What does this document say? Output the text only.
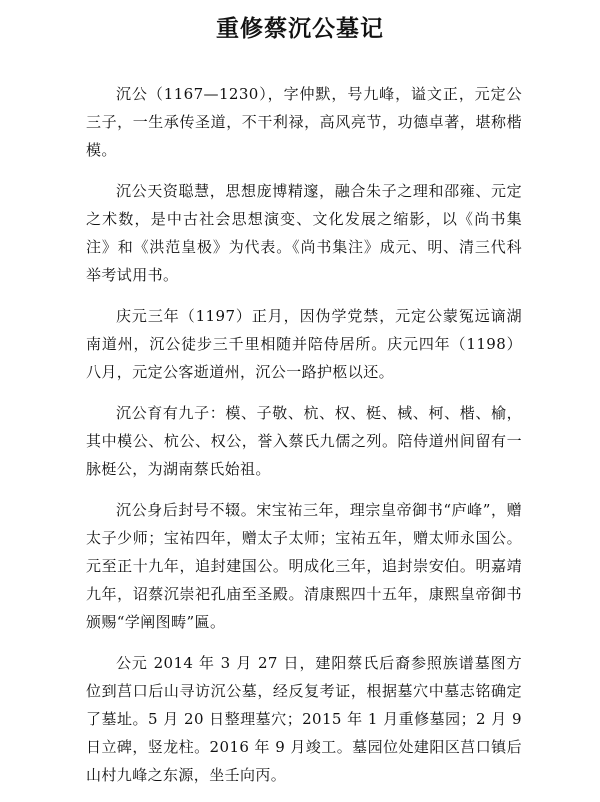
重修蔡沉公墓记

沉公（1167—1230），字仲默，号九峰，谥文正，元定公三子，一生承传圣道，不干利禄，高风亮节，功德卓著，堪称楷模。

沉公天资聪慧，思想庞博精邃，融合朱子之理和邵雍、元定之术数，是中古社会思想演变、文化发展之缩影，以《尚书集注》和《洪范皇极》为代表。《尚书集注》成元、明、清三代科举考试用书。

庆元三年（1197）正月，因伪学党禁，元定公蒙冤远谪湖南道州，沉公徒步三千里相随并陪侍居所。庆元四年（1198）八月，元定公客逝道州，沉公一路护柩以还。

沉公育有九子：模、子敬、杭、权、梃、棫、柯、楷、榆，其中模公、杭公、权公，誉入蔡氏九儒之列。陪侍道州间留有一脉梃公，为湖南蔡氏始祖。

沉公身后封号不辍。宋宝祐三年，理宗皇帝御书“庐峰”，赠太子少师；宝祐四年，赠太子太师；宝祐五年，赠太师永国公。元至正十九年，追封建国公。明成化三年，追封崇安伯。明嘉靖九年，诏蔡沉崇祀孔庙至圣殿。清康熙四十五年，康熙皇帝御书颁赐“学阐图畴”匾。

公元 2014 年 3 月 27 日，建阳蔡氏后裔参照族谱墓图方位到莒口后山寻访沉公墓，经反复考证，根据墓穴中墓志铭确定了墓址。5 月 20 日整理墓穴；2015 年 1 月重修墓园；2 月 9 日立碑，竖龙柱。2016 年 9 月竣工。墓园位处建阳区莒口镇后山村九峰之东源，坐壬向丙。
